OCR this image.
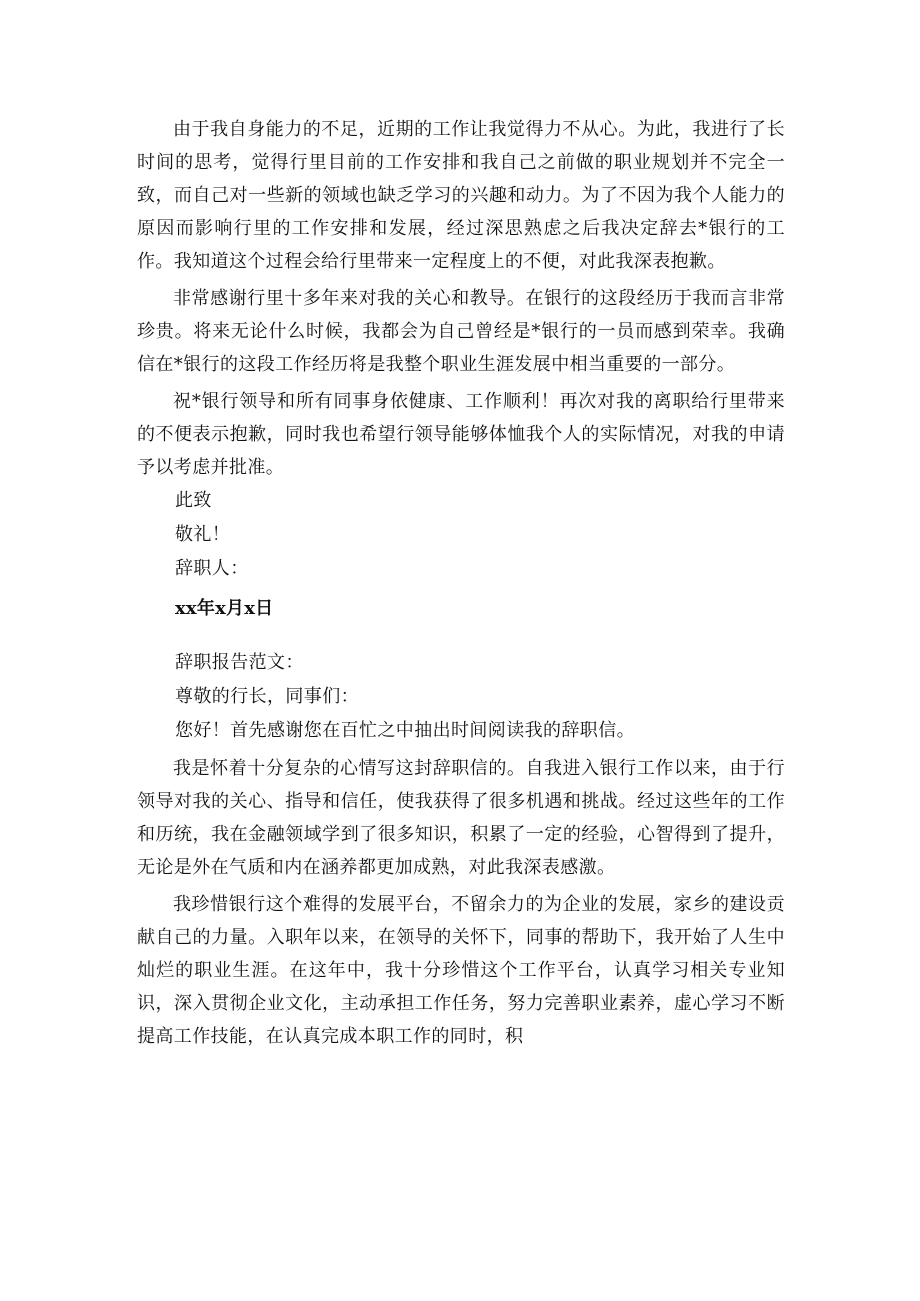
由于我自身能力的不足，近期的工作让我觉得力不从心。为此，我进行了长时间的思考，觉得行里目前的工作安排和我自己之前做的职业规划并不完全一致，而自己对一些新的领域也缺乏学习的兴趣和动力。为了不因为我个人能力的原因而影响行里的工作安排和发展，经过深思熟虑之后我决定辞去*银行的工作。我知道这个过程会给行里带来一定程度上的不便，对此我深表抱歉。

非常感谢行里十多年来对我的关心和教导。在银行的这段经历于我而言非常珍贵。将来无论什么时候，我都会为自己曾经是*银行的一员而感到荣幸。我确信在*银行的这段工作经历将是我整个职业生涯发展中相当重要的一部分。

祝*银行领导和所有同事身依健康、工作顺利！再次对我的离职给行里带来的不便表示抱歉，同时我也希望行领导能够体恤我个人的实际情况，对我的申请予以考虑并批准。

此致

敬礼！

辞职人：

xx年x月x日

辞职报告范文：

尊敬的行长，同事们：

您好！首先感谢您在百忙之中抽出时间阅读我的辞职信。

我是怀着十分复杂的心情写这封辞职信的。自我进入银行工作以来，由于行领导对我的关心、指导和信任，使我获得了很多机遇和挑战。经过这些年的工作和历统，我在金融领域学到了很多知识，积累了一定的经验，心智得到了提升，无论是外在气质和内在涵养都更加成熟，对此我深表感激。

我珍惜银行这个难得的发展平台，不留余力的为企业的发展，家乡的建设贡献自己的力量。入职年以来，在领导的关怀下，同事的帮助下，我开始了人生中灿烂的职业生涯。在这年中，我十分珍惜这个工作平台，认真学习相关专业知识，深入贯彻企业文化，主动承担工作任务，努力完善职业素养，虚心学习不断提高工作技能，在认真完成本职工作的同时，积
